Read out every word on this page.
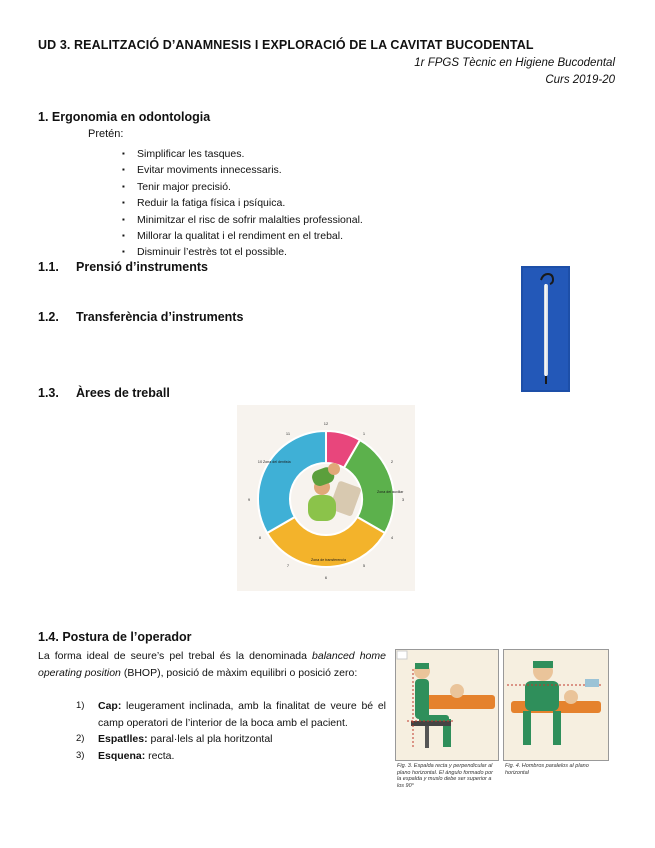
UD 3. REALITZACIÓ D’ANAMNESIS I EXPLORACIÓ DE LA CAVITAT BUCODENTAL
1r FPGS Tècnic en Higiene Bucodental
Curs 2019-20
1. Ergonomia en odontologia
Pretén:
▪ Simplificar les tasques.
▪ Evitar moviments innecessaris.
▪ Tenir major precisió.
▪ Reduir la fatiga física i psíquica.
▪ Minimitzar el risc de sofrir malalties professional.
▪ Millorar la qualitat i el rendiment en el trebal.
▪ Disminuir l’estrès tot el possible.
1.1. Prensió d’instruments
1.2. Transferència d’instruments
1.3. Àrees de treball
Zona del dentista
Zona del auxiliar
Zona de transferencia
12
1
2
3
4
5
6
7
8
9
10
11
1.4. Postura de l’operador
La forma ideal de seure’s pel trebal és la denominada balanced home operating position (BHOP), posició de màxim equilibri o posició zero:
1) Cap: leugerament inclinada, amb la finalitat de veure bé el camp operatori de l’interior de la boca amb el pacient.
2) Espatlles: paral·lels al pla horitzontal
3) Esquena: recta.
Fig. 3. Espalda recta y perpendicular al plano horizontal. El ángulo formado por la espalda y muslo debe ser superior a los 90°
Fig. 4. Hombros paralelos al plano horizontal
